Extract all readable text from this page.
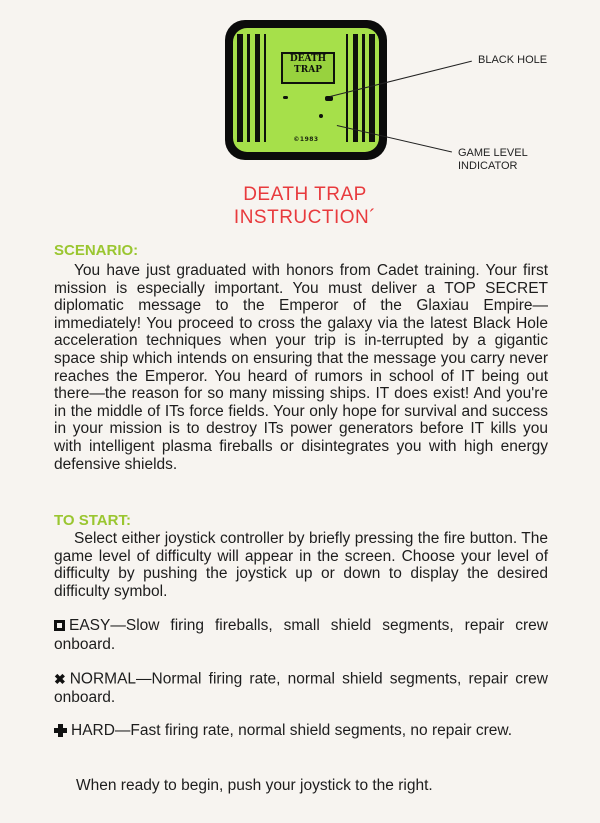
DEATH
TRAP
©1983
BLACK HOLE
GAME LEVEL
INDICATOR
DEATH TRAP
INSTRUCTION´
SCENARIO:

You have just graduated with honors from Cadet training. Your first mission is especially important. You must deliver a TOP SECRET diplomatic message to the Emperor of the Glaxiau Empire—immediately! You proceed to cross the galaxy via the latest Black Hole acceleration techniques when your trip is in-terrupted by a gigantic space ship which intends on ensuring that the message you carry never reaches the Emperor. You heard of rumors in school of IT being out there—the reason for so many missing ships. IT does exist! And you're in the middle of ITs force fields. Your only hope for survival and success in your mission is to destroy ITs power generators before IT kills you with intelligent plasma fireballs or disintegrates you with high energy defensive shields.

TO START:

Select either joystick controller by briefly pressing the fire button. The game level of difficulty will appear in the screen. Choose your level of difficulty by pushing the joystick up or down to display the desired difficulty symbol.

EASY—Slow firing fireballs, small shield segments, repair crew onboard.
✖ NORMAL—Normal firing rate, normal shield segments, repair crew onboard.
HARD—Fast firing rate, normal shield segments, no repair crew.
When ready to begin, push your joystick to the right.
